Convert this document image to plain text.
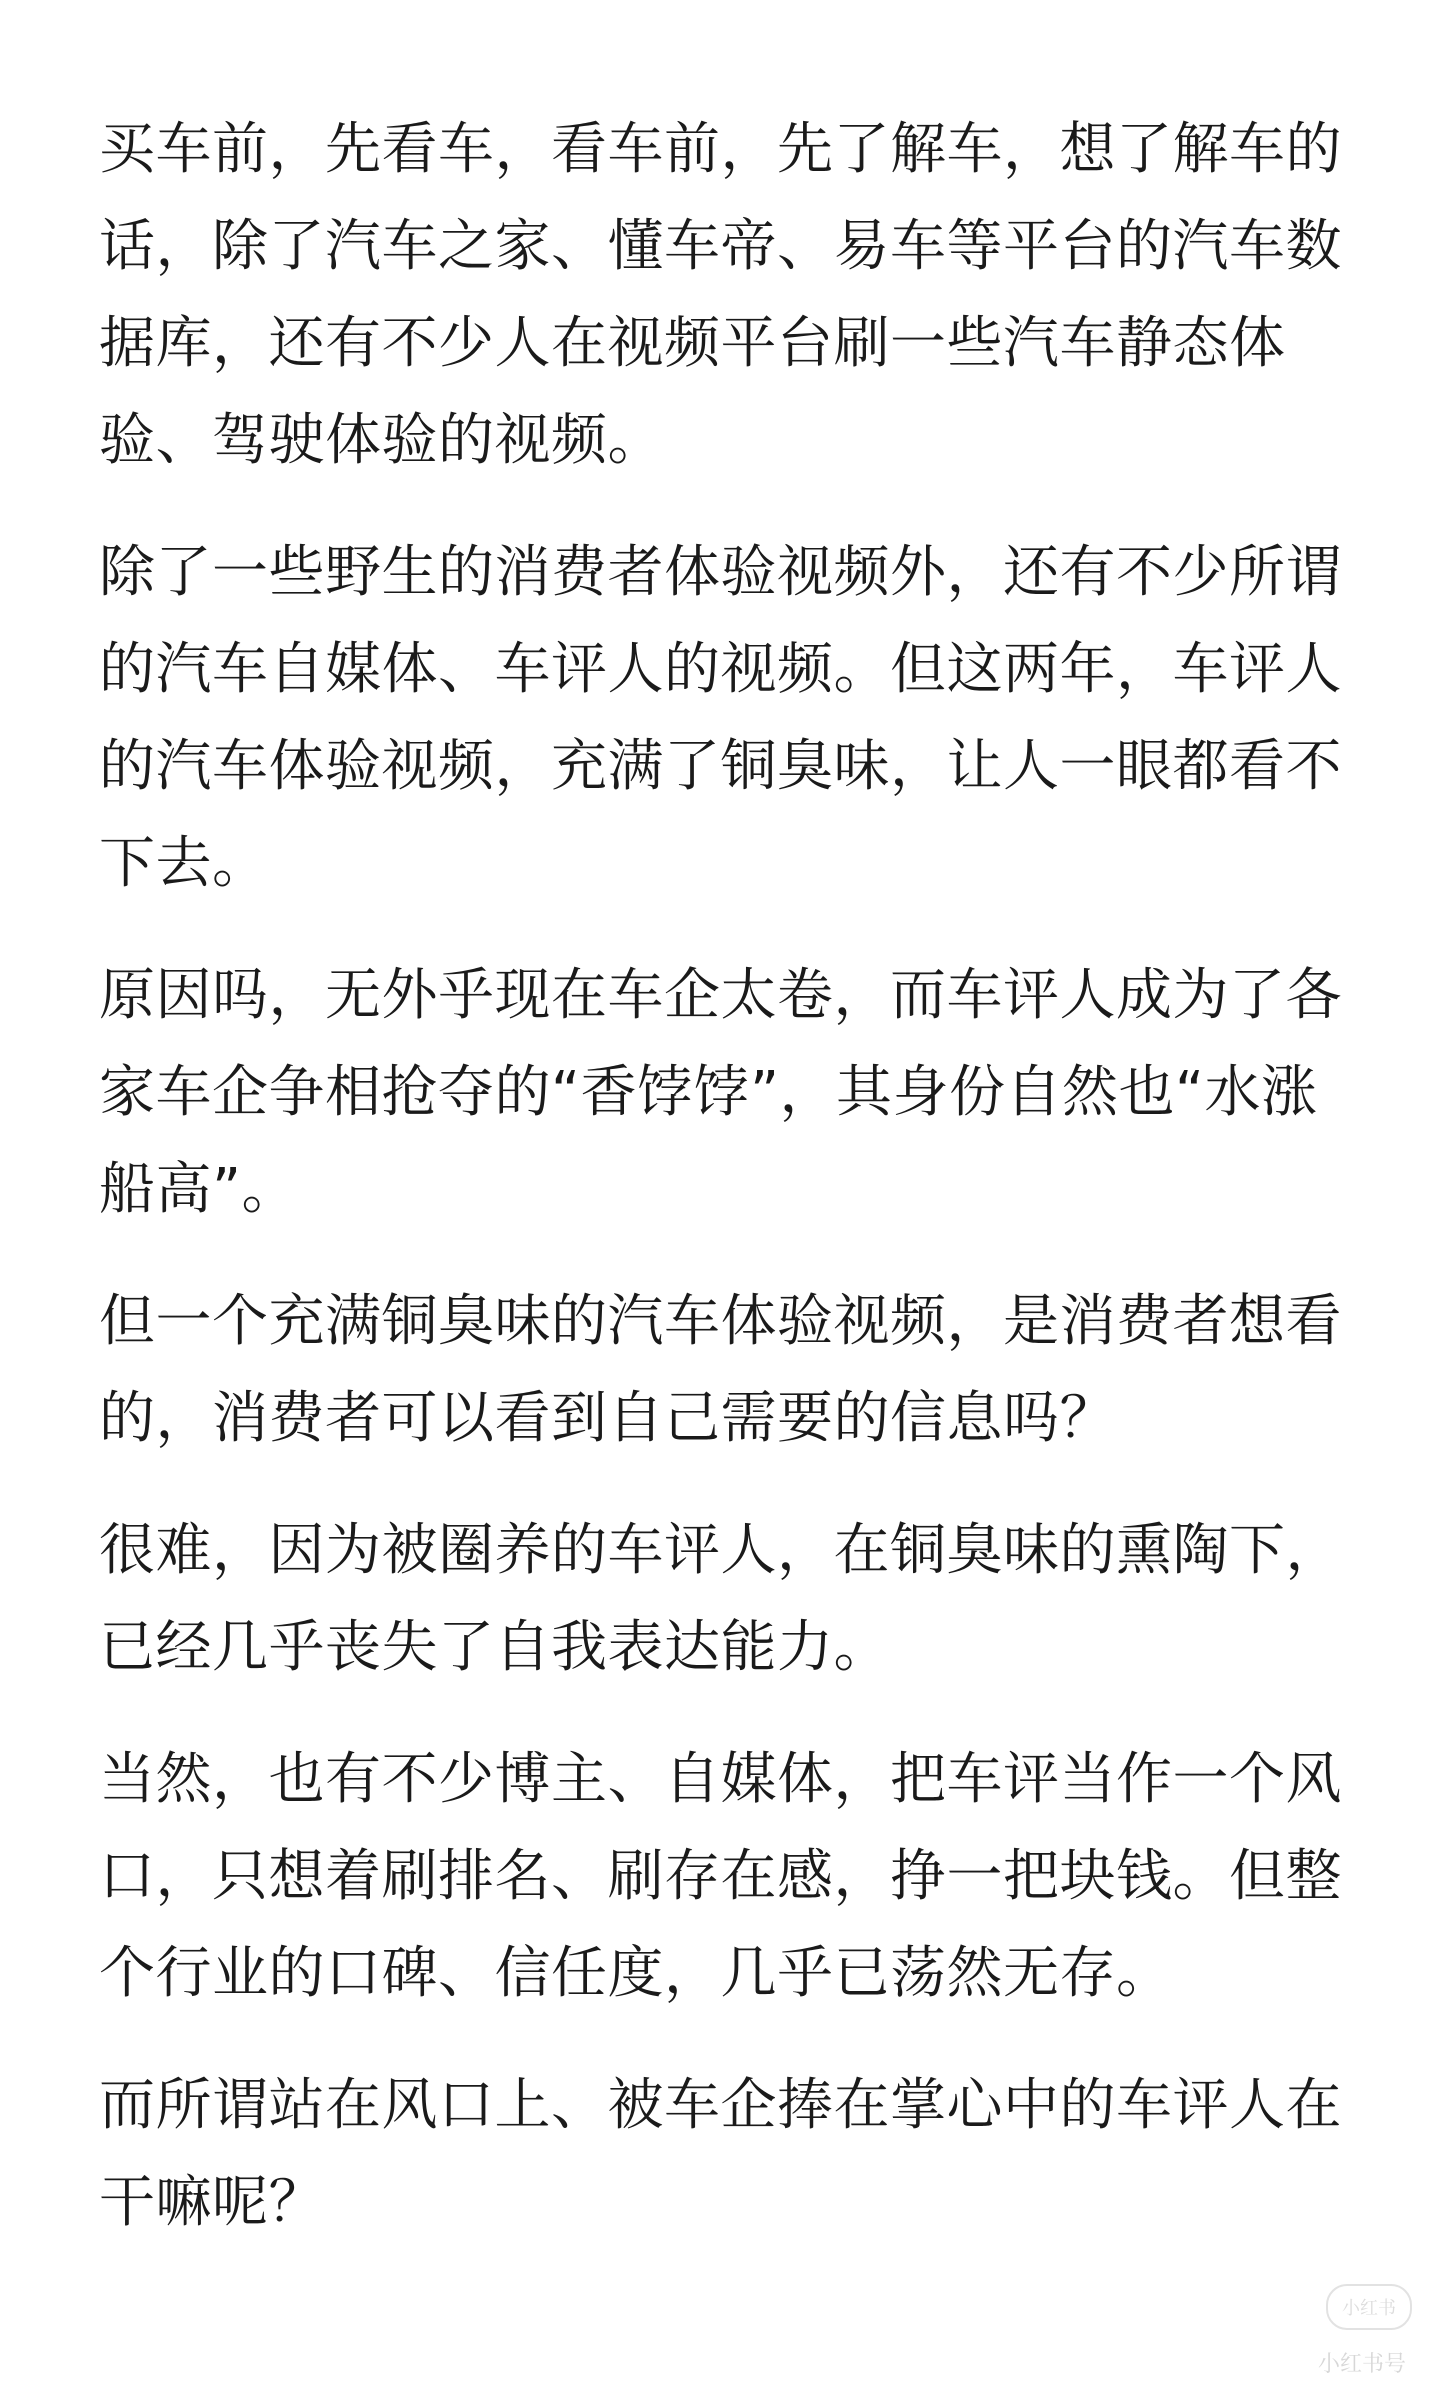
买车前，先看车，看车前，先了解车，想了解车的话，除了汽车之家、懂车帝、易车等平台的汽车数据库，还有不少人在视频平台刷一些汽车静态体验、驾驶体验的视频。

除了一些野生的消费者体验视频外，还有不少所谓的汽车自媒体、车评人的视频。但这两年，车评人的汽车体验视频，充满了铜臭味，让人一眼都看不下去。

原因吗，无外乎现在车企太卷，而车评人成为了各家车企争相抢夺的“香饽饽”，其身份自然也“水涨船高”。

但一个充满铜臭味的汽车体验视频，是消费者想看的，消费者可以看到自己需要的信息吗？

很难，因为被圈养的车评人，在铜臭味的熏陶下，已经几乎丧失了自我表达能力。

当然，也有不少博主、自媒体，把车评当作一个风口，只想着刷排名、刷存在感，挣一把块钱。但整个行业的口碑、信任度，几乎已荡然无存。

而所谓站在风口上、被车企捧在掌心中的车评人在干嘛呢？

小红书
小红书号
